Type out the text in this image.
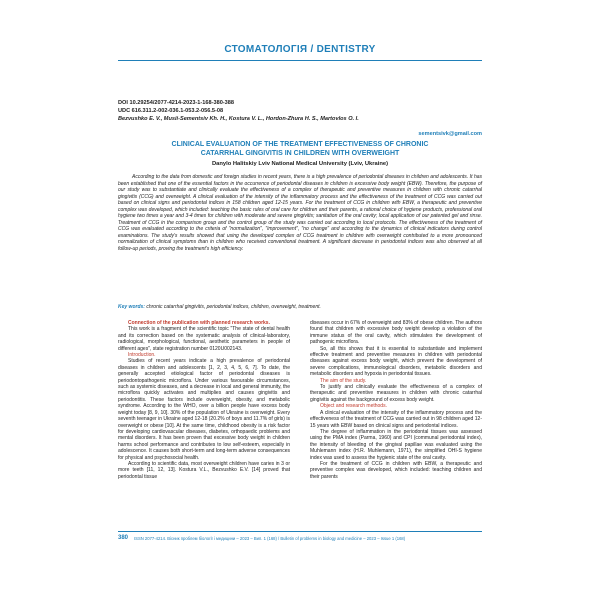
СТОМАТОЛОГІЯ / DENTISTRY
DOI 10.29254/2077-4214-2023-1-168-380-388
UDC 616.311.2-002-036.1-053.2-056.5-08
Bezvushko E. V., Musii-Sementsiv Kh. H., Kostura V. L., Hordon-Zhura H. S., Martovlos O. I.
sementsivk@gmail.com
CLINICAL EVALUATION OF THE TREATMENT EFFECTIVENESS OF CHRONIC
CATARRHAL GINGIVITIS IN CHILDREN WITH OVERWEIGHT
Danylo Halitskiy Lviv National Medical University (Lviv, Ukraine)

According to the data from domestic and foreign studies in recent years, there is a high prevalence of periodontal diseases in children and adolescents. It has been established that one of the essential factors in the occurrence of periodontal diseases in children is excessive body weight (EBW). Therefore, the purpose of our study was to substantiate and clinically evaluate the effectiveness of a complex of therapeutic and preventive measures in children with chronic catarrhal gingivitis (CCG) and overweight. A clinical evaluation of the intensity of the inflammatory process and the effectiveness of the treatment of CCG was carried out based on clinical signs and periodontal indices in 158 children aged 12-15 years. For the treatment of CCG in children with EBW, a therapeutic and preventive complex was developed, which included: teaching the basic rules of oral care for children and their parents, a rational choice of hygiene products, professional oral hygiene two times a year and 3-4 times for children with moderate and severe gingivitis; sanitation of the oral cavity; local application of our patented gel and rinse. Treatment of CCG in the comparison group and the control group of the study was carried out according to local protocols. The effectiveness of the treatment of CCG was evaluated according to the criteria of "normalization", "improvement", "no change" and according to the dynamics of clinical indicators during control examinations. The study's results showed that using the developed complex of CCG treatment in children with overweight contributed to a more pronounced normalization of clinical symptoms than in children who received conventional treatment. A significant decrease in periodontal indices was also observed at all follow-up periods, proving the treatment's high efficiency.

Key words: chronic catarrhal gingivitis, periodontal indices, children, overweight, treatment.

Connection of the publication with planned research works.

This work is a fragment of the scientific topic "The state of dental health and its correction based on the systematic analysis of clinical-laboratory, radiological, morphological, functional, aesthetic parameters in people of different ages", state registration number 0120U002143.

Introduction.

Studies of recent years indicate a high prevalence of periodontal diseases in children and adolescents [1, 2, 3, 4, 5, 6, 7]. To date, the generally accepted etiological factor of periodontal diseases is periodontopathogenic microflora. Under various favourable circumstances, such as systemic diseases, and a decrease in local and general immunity, the microflora quickly activates and multiplies and causes gingivitis and periodontitis. These factors include overweight, obesity, and metabolic syndrome. According to the WHO, over a billion people have excess body weight today [8, 9, 10]. 30% of the population of Ukraine is overweight. Every seventh teenager in Ukraine aged 12-18 (20.2% of boys and 11.7% of girls) is overweight or obese [10]. At the same time, childhood obesity is a risk factor for developing cardiovascular diseases, diabetes, orthopaedic problems and mental disorders. It has been proven that excessive body weight in children harms school performance and contributes to low self-esteem, especially in adolescence. It causes both short-term and long-term adverse consequences for physical and psychosocial health.

According to scientific data, most overweight children have caries in 3 or more teeth [11, 12, 13]. Kostura V.L., Bezvushko E.V. [14] proved that periodontal tissue

diseases occur in 67% of overweight and 83% of obese children. The authors found that children with excessive body weight develop a violation of the immune status of the oral cavity, which stimulates the development of pathogenic microflora.

So, all this shows that it is essential to substantiate and implement effective treatment and preventive measures in children with periodontal diseases against excess body weight, which prevent the development of severe complications, immunological disorders, metabolic disorders and metabolic disorders and hypoxia in periodontal tissues.

The aim of the study.

To justify and clinically evaluate the effectiveness of a complex of therapeutic and preventive measures in children with chronic catarrhal gingivitis against the background of excess body weight.

Object and research methods.

A clinical evaluation of the intensity of the inflammatory process and the effectiveness of the treatment of CCG was carried out in 98 children aged 12-15 years with EBW based on clinical signs and periodontal indices.

The degree of inflammation in the periodontal tissues was assessed using the PMA index (Parma, 1960) and CPI (communal periodontal index), the intensity of bleeding of the gingival papillae was evaluated using the Muhlemann index (H.R. Muhlemann, 1971), the simplified OHI-S hygiene index was used to assess the hygienic state of the oral cavity.

For the treatment of CCG in children with EBW, a therapeutic and preventive complex was developed, which included: teaching children and their parents

380 ISSN 2077-4214. Вісник проблем біології і медицини – 2023 – Вип. 1 (168) / Bulletin of problems in biology and medicine – 2023 – Issue 1 (168)
